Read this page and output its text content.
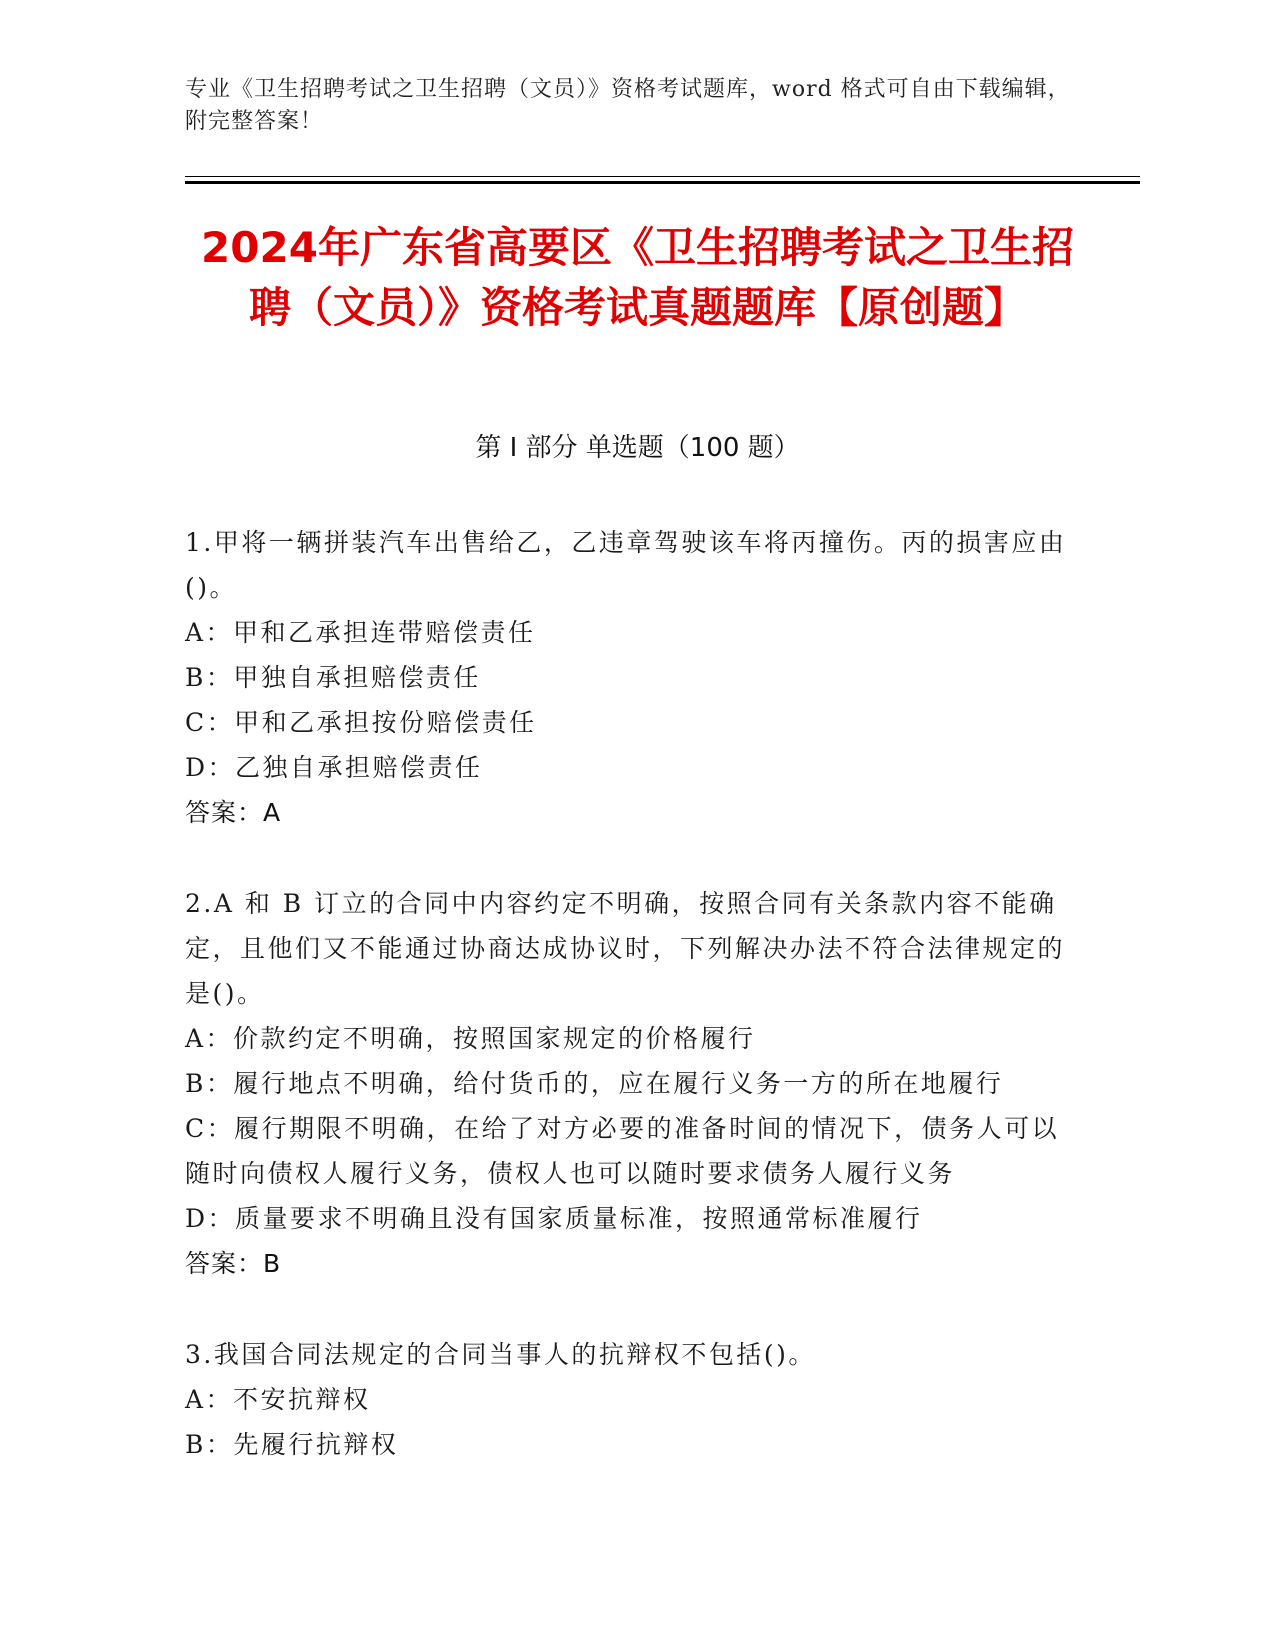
专业《卫生招聘考试之卫生招聘（文员）》资格考试题库，word 格式可自由下载编辑，附完整答案！
2024年广东省高要区《卫生招聘考试之卫生招聘（文员）》资格考试真题题库【原创题】
第 I 部分 单选题（100 题）

1.甲将一辆拼装汽车出售给乙，乙违章驾驶该车将丙撞伤。丙的损害应由()。

A：甲和乙承担连带赔偿责任

B：甲独自承担赔偿责任

C：甲和乙承担按份赔偿责任

D：乙独自承担赔偿责任

答案：A

2.A 和 B 订立的合同中内容约定不明确，按照合同有关条款内容不能确定，且他们又不能通过协商达成协议时，下列解决办法不符合法律规定的是()。

A：价款约定不明确，按照国家规定的价格履行

B：履行地点不明确，给付货币的，应在履行义务一方的所在地履行

C：履行期限不明确，在给了对方必要的准备时间的情况下，债务人可以随时向债权人履行义务，债权人也可以随时要求债务人履行义务

D：质量要求不明确且没有国家质量标准，按照通常标准履行

答案：B

3.我国合同法规定的合同当事人的抗辩权不包括()。

A：不安抗辩权

B：先履行抗辩权
